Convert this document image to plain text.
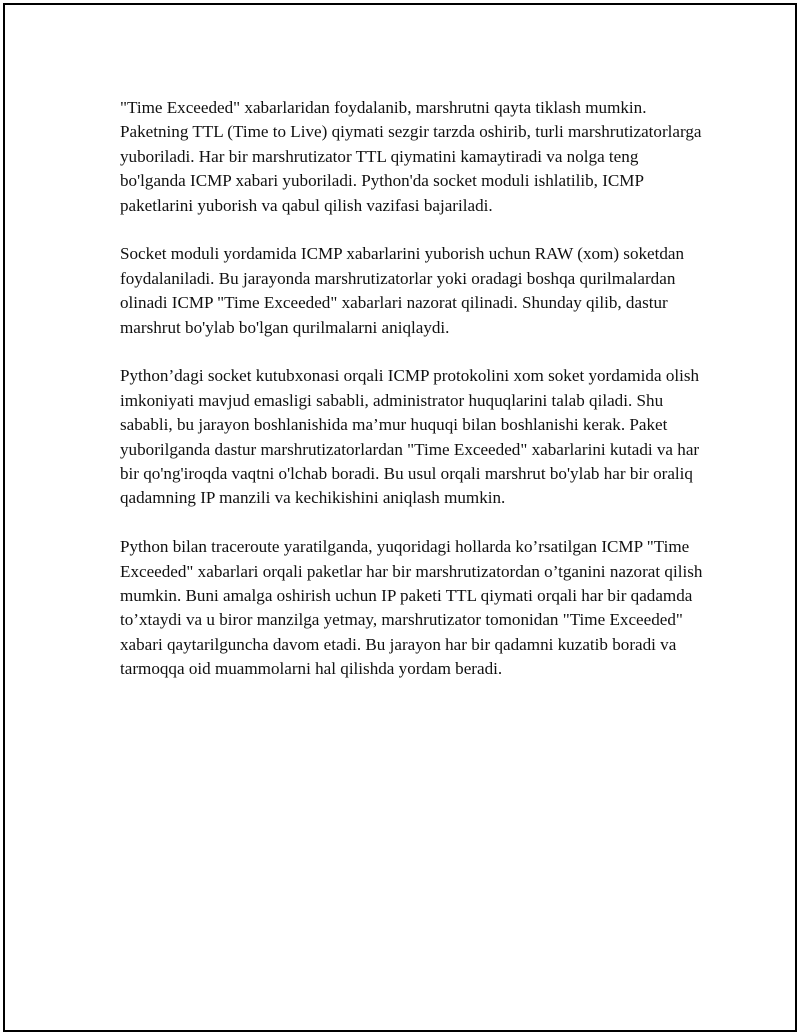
"Time Exceeded" xabarlaridan foydalanib, marshrutni qayta tiklash mumkin. Paketning TTL (Time to Live) qiymati sezgir tarzda oshirib, turli marshrutizatorlarga yuboriladi. Har bir marshrutizator TTL qiymatini kamaytiradi va nolga teng bo'lganda ICMP xabari yuboriladi. Python'da socket moduli ishlatilib, ICMP paketlarini yuborish va qabul qilish vazifasi bajariladi.

Socket moduli yordamida ICMP xabarlarini yuborish uchun RAW (xom) soketdan foydalaniladi. Bu jarayonda marshrutizatorlar yoki oradagi boshqa qurilmalardan olinadi ICMP "Time Exceeded" xabarlari nazorat qilinadi. Shunday qilib, dastur marshrut bo'ylab bo'lgan qurilmalarni aniqlaydi.

Python’dagi socket kutubxonasi orqali ICMP protokolini xom soket yordamida olish imkoniyati mavjud emasligi sababli, administrator huquqlarini talab qiladi. Shu sababli, bu jarayon boshlanishida ma’mur huquqi bilan boshlanishi kerak. Paket yuborilganda dastur marshrutizatorlardan "Time Exceeded" xabarlarini kutadi va har bir qo'ng'iroqda vaqtni o'lchab boradi. Bu usul orqali marshrut bo'ylab har bir oraliq qadamning IP manzili va kechikishini aniqlash mumkin.

Python bilan traceroute yaratilganda, yuqoridagi hollarda ko’rsatilgan ICMP "Time Exceeded" xabarlari orqali paketlar har bir marshrutizatordan o’tganini nazorat qilish mumkin. Buni amalga oshirish uchun IP paketi TTL qiymati orqali har bir qadamda to’xtaydi va u biror manzilga yetmay, marshrutizator tomonidan "Time Exceeded" xabari qaytarilguncha davom etadi. Bu jarayon har bir qadamni kuzatib boradi va tarmoqqa oid muammolarni hal qilishda yordam beradi.
